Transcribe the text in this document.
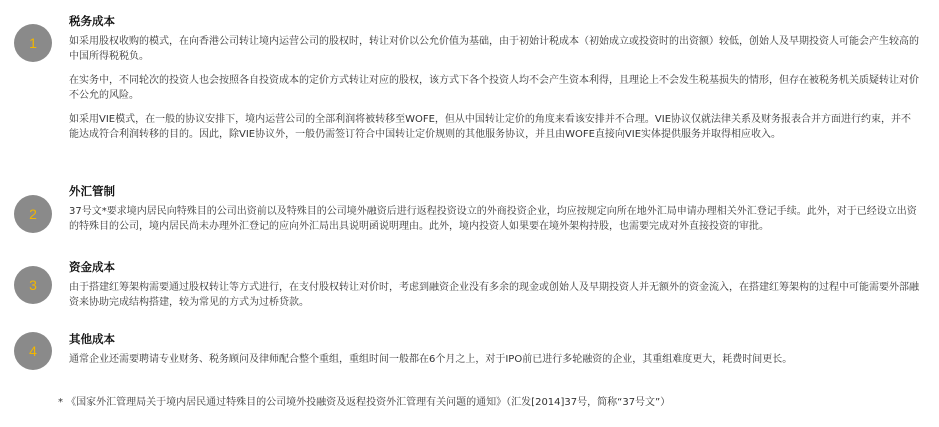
1
税务成本

如采用股权收购的模式，在向香港公司转让境内运营公司的股权时，转让对价以公允价值为基础，由于初始计税成本（初始成立或投资时的出资额）较低，创始人及早期投资人可能会产生较高的中国所得税税负。

在实务中，不同轮次的投资人也会按照各自投资成本的定价方式转让对应的股权，该方式下各个投资人均不会产生资本利得，且理论上不会发生税基损失的情形，但存在被税务机关质疑转让对价不公允的风险。

如采用VIE模式，在一般的协议安排下，境内运营公司的全部利润将被转移至WOFE，但从中国转让定价的角度来看该安排并不合理。VIE协议仅就法律关系及财务报表合并方面进行约束，并不能达成符合利润转移的目的。因此，除VIE协议外，一般仍需签订符合中国转让定价规则的其他服务协议，并且由WOFE直接向VIE实体提供服务并取得相应收入。

2
外汇管制

37号文*要求境内居民向特殊目的公司出资前以及特殊目的公司境外融资后进行返程投资设立的外商投资企业，均应按规定向所在地外汇局申请办理相关外汇登记手续。此外，对于已经设立出资的特殊目的公司，境内居民尚未办理外汇登记的应向外汇局出具说明函说明理由。此外，境内投资人如果要在境外架构持股，也需要完成对外直接投资的审批。

3
资金成本

由于搭建红筹架构需要通过股权转让等方式进行，在支付股权转让对价时，考虑到融资企业没有多余的现金或创始人及早期投资人并无额外的资金流入，在搭建红筹架构的过程中可能需要外部融资来协助完成结构搭建，较为常见的方式为过桥贷款。

4
其他成本

通常企业还需要聘请专业财务、税务顾问及律师配合整个重组，重组时间一般都在6个月之上，对于IPO前已进行多轮融资的企业，其重组难度更大，耗费时间更长。

* 《国家外汇管理局关于境内居民通过特殊目的公司境外投融资及返程投资外汇管理有关问题的通知》（汇发[2014]37号，简称“37号文”）
